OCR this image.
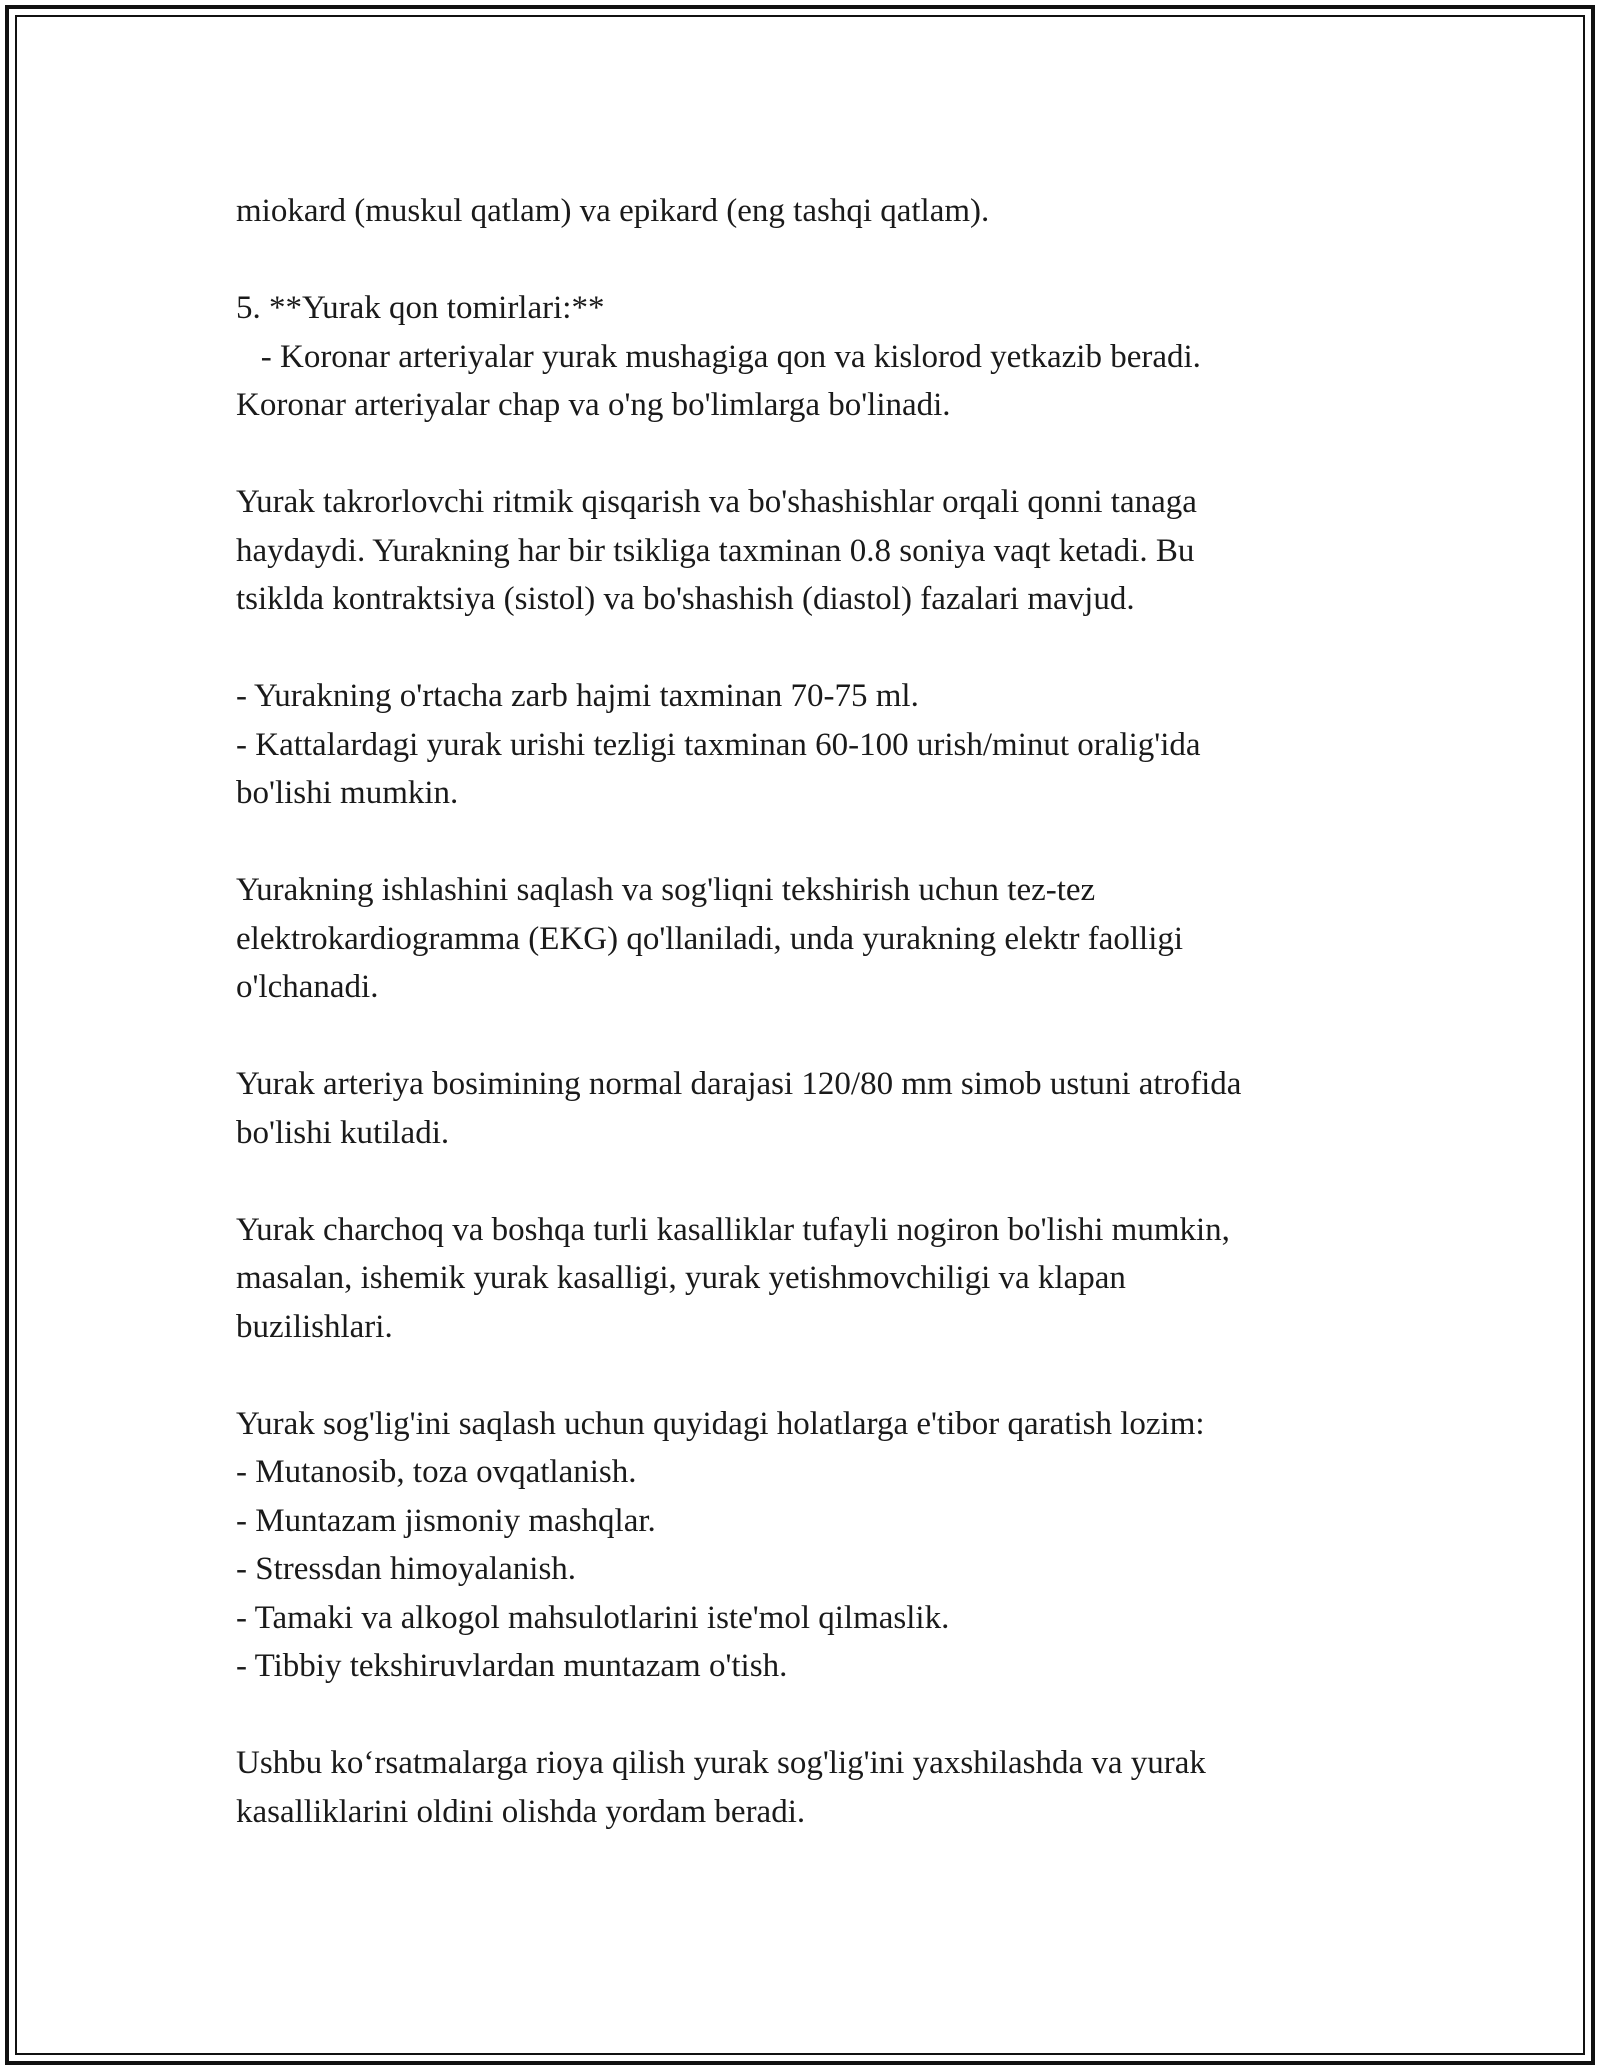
miokard (muskul qatlam) va epikard (eng tashqi qatlam).
5. **Yurak qon tomirlari:**
- Koronar arteriyalar yurak mushagiga qon va kislorod yetkazib beradi.
Koronar arteriyalar chap va o'ng bo'limlarga bo'linadi.
Yurak takrorlovchi ritmik qisqarish va bo'shashishlar orqali qonni tanaga
haydaydi. Yurakning har bir tsikliga taxminan 0.8 soniya vaqt ketadi. Bu
tsiklda kontraktsiya (sistol) va bo'shashish (diastol) fazalari mavjud.
- Yurakning o'rtacha zarb hajmi taxminan 70-75 ml.
- Kattalardagi yurak urishi tezligi taxminan 60-100 urish/minut oralig'ida
bo'lishi mumkin.
Yurakning ishlashini saqlash va sog'liqni tekshirish uchun tez-tez
elektrokardiogramma (EKG) qo'llaniladi, unda yurakning elektr faolligi
o'lchanadi.
Yurak arteriya bosimining normal darajasi 120/80 mm simob ustuni atrofida
bo'lishi kutiladi.
Yurak charchoq va boshqa turli kasalliklar tufayli nogiron bo'lishi mumkin,
masalan, ishemik yurak kasalligi, yurak yetishmovchiligi va klapan
buzilishlari.
Yurak sog'lig'ini saqlash uchun quyidagi holatlarga e'tibor qaratish lozim:
- Mutanosib, toza ovqatlanish.
- Muntazam jismoniy mashqlar.
- Stressdan himoyalanish.
- Tamaki va alkogol mahsulotlarini iste'mol qilmaslik.
- Tibbiy tekshiruvlardan muntazam o'tish.
Ushbu koʻrsatmalarga rioya qilish yurak sog'lig'ini yaxshilashda va yurak
kasalliklarini oldini olishda yordam beradi.
